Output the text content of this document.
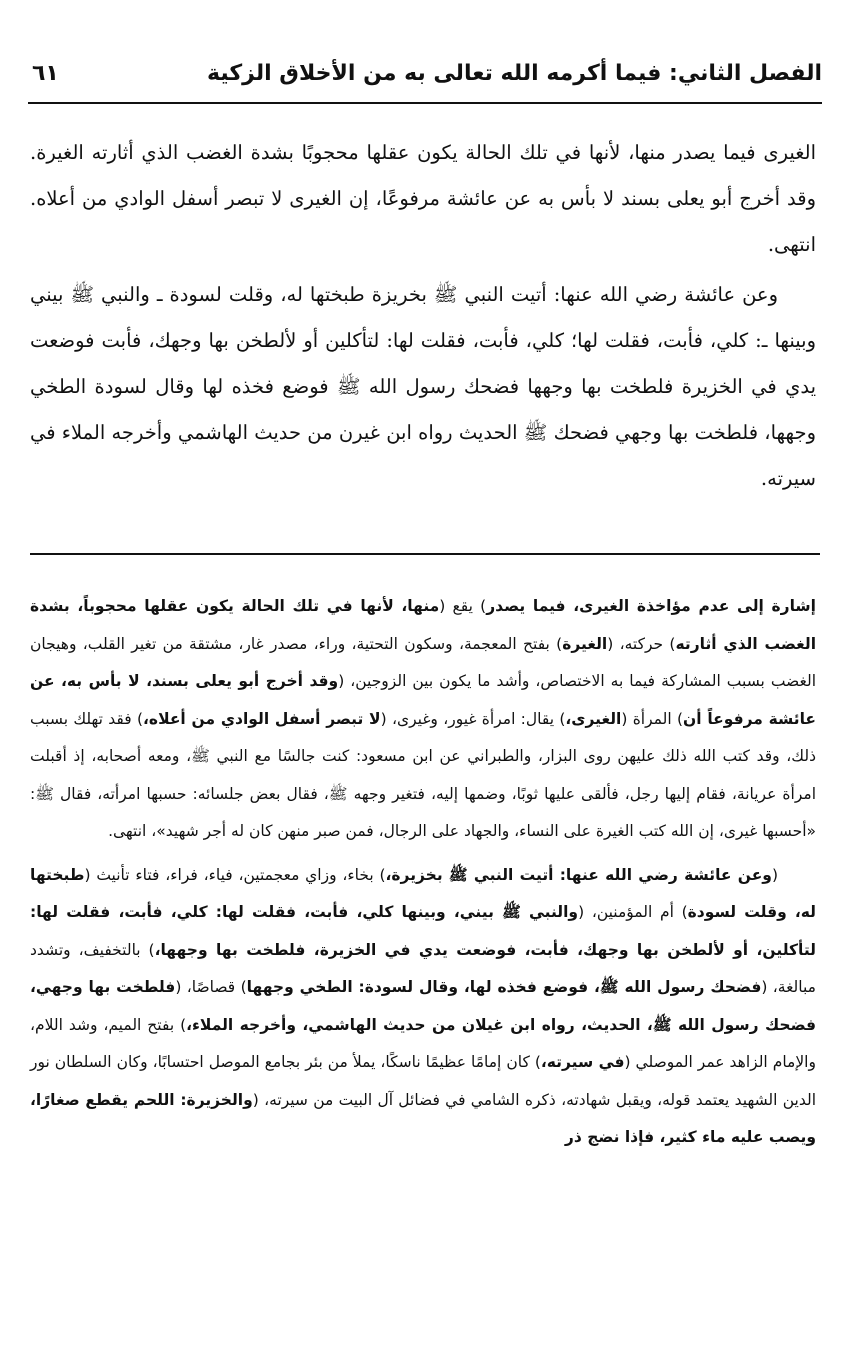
الفصل الثاني: فيما أكرمه الله تعالى به من الأخلاق الزكية
٦١

الغيرى فيما يصدر منها، لأنها في تلك الحالة يكون عقلها محجوبًا بشدة الغضب الذي أثارته الغيرة. وقد أخرج أبو يعلى بسند لا بأس به عن عائشة مرفوعًا، إن الغيرى لا تبصر أسفل الوادي من أعلاه. انتهى.

وعن عائشة رضي الله عنها: أتيت النبي ﷺ بخريزة طبختها له، وقلت لسودة ـ والنبي ﷺ بيني وبينها ـ: كلي، فأبت، فقلت لها؛ كلي، فأبت، فقلت لها: لتأكلين أو لألطخن بها وجهك، فأبت فوضعت يدي في الخزيرة فلطخت بها وجهها فضحك رسول الله ﷺ فوضع فخذه لها وقال لسودة الطخي وجهها، فلطخت بها وجهي فضحك ﷺ الحديث رواه ابن غيرن من حديث الهاشمي وأخرجه الملاء في سيرته.

إشارة إلى عدم مؤاخذة الغيرى، فيما يصدر) يقع (منها، لأنها في تلك الحالة يكون عقلها محجوباً، بشدة الغضب الذي أثارته) حركته، (الغيرة) بفتح المعجمة، وسكون التحتية، وراء، مصدر غار، مشتقة من تغير القلب، وهيجان الغضب بسبب المشاركة فيما به الاختصاص، وأشد ما يكون بين الزوجين، (وقد أخرج أبو يعلى بسند، لا بأس به، عن عائشة مرفوعاً أن) المرأة (الغيرى،) يقال: امرأة غيور، وغيرى، (لا تبصر أسفل الوادي من أعلاه،) فقد تهلك بسبب ذلك، وقد كتب الله ذلك عليهن روى البزار، والطبراني عن ابن مسعود: كنت جالسًا مع النبي ﷺ، ومعه أصحابه، إذ أقبلت امرأة عريانة، فقام إليها رجل، فألقى عليها ثوبًا، وضمها إليه، فتغير وجهه ﷺ، فقال بعض جلسائه: حسبها امرأته، فقال ﷺ: «أحسبها غيرى، إن الله كتب الغيرة على النساء، والجهاد على الرجال، فمن صبر منهن كان له أجر شهيد»، انتهى.

(وعن عائشة رضي الله عنها: أتيت النبي ﷺ بخزيرة،) بخاء، وزاي معجمتين، فياء، فراء، فتاء تأنيث (طبختها له، وقلت لسودة) أم المؤمنين، (والنبي ﷺ بيني، وبينها كلي، فأبت، فقلت لها: كلي، فأبت، فقلت لها: لتأكلين، أو لألطخن بها وجهك، فأبت، فوضعت يدي في الخزيرة، فلطخت بها وجهها،) بالتخفيف، وتشدد مبالغة، (فضحك رسول الله ﷺ، فوضع فخذه لها، وقال لسودة: الطخي وجهها) قصاصًا، (فلطخت بها وجهي، فضحك رسول الله ﷺ، الحديث، رواه ابن غيلان من حديث الهاشمي، وأخرجه الملاء،) بفتح الميم، وشد اللام، والإمام الزاهد عمر الموصلي (في سيرته،) كان إمامًا عظيمًا ناسكًا، يملأ من بئر بجامع الموصل احتسابًا، وكان السلطان نور الدين الشهيد يعتمد قوله، ويقبل شهادته، ذكره الشامي في فضائل آل البيت من سيرته، (والخزيرة: اللحم يقطع صغارًا، ويصب عليه ماء كثير، فإذا نضج ذر
